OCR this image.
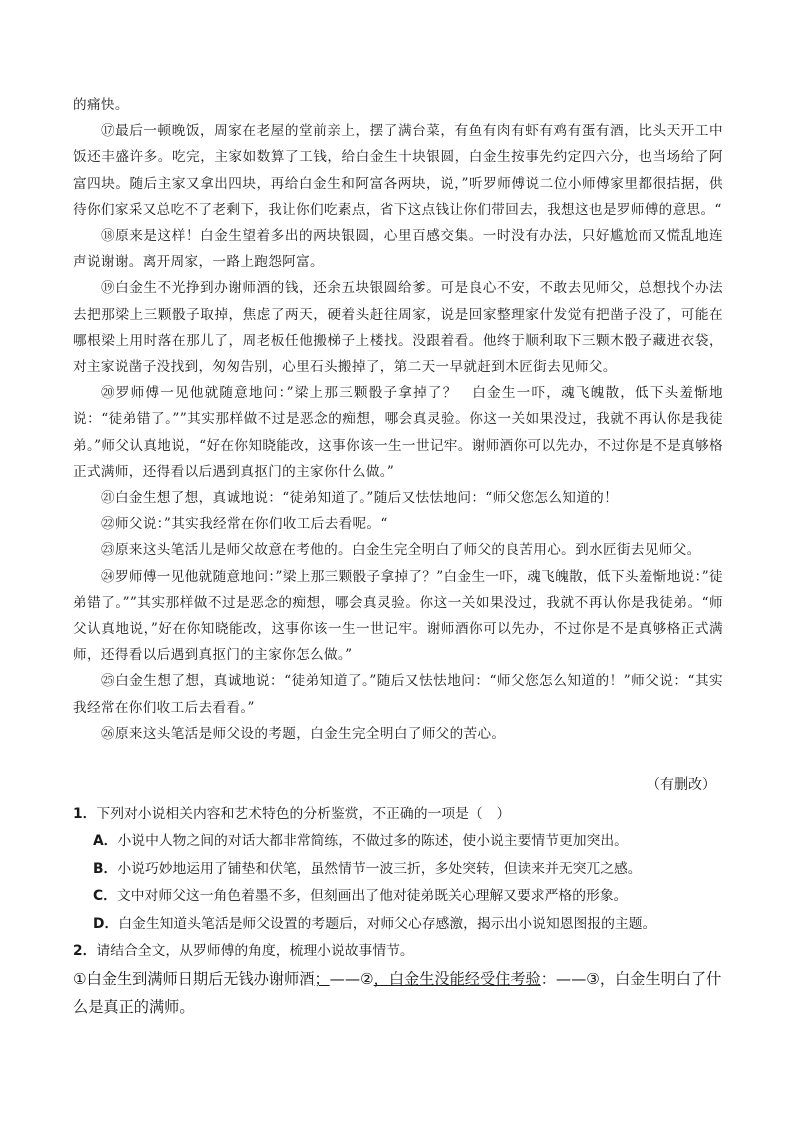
的痛快。

⑰最后一顿晚饭，周家在老屋的堂前亲上，摆了满台菜，有鱼有肉有虾有鸡有蛋有酒，比头天开工中饭还丰盛许多。吃完，主家如数算了工钱，给白金生十块银圆，白金生按事先约定四六分，也当场给了阿富四块。随后主家又拿出四块，再给白金生和阿富各两块，说，”听罗师傅说二位小师傅家里都很拮据，供待你们家采又总吃不了老剩下，我让你们吃素点，省下这点钱让你们带回去，我想这也是罗师傅的意思。“

⑱原来是这样！白金生望着多出的两块银圆，心里百感交集。一时没有办法，只好尴尬而又慌乱地连声说谢谢。离开周家，一路上跑怨阿富。

⑲白金生不光挣到办谢师酒的钱，还余五块银圆给爹。可是良心不安，不敢去见师父，总想找个办法去把那梁上三颗骰子取掉，焦虑了两天，硬着头赶往周家，说是回家整理家什发觉有把凿子没了，可能在哪根梁上用时落在那儿了，周老板任他搬梯子上楼找。没跟着看。他终于顺利取下三颗木骰子藏进衣袋，对主家说凿子没找到，匆匆告别，心里石头搬掉了，第二天一早就赶到木匠街去见师父。

⑳罗师傅一见他就随意地问：”梁上那三颗骰子拿掉了？　白金生一吓，魂飞魄散，低下头羞惭地说：“徒弟错了。””其实那样做不过是恶念的痴想，哪会真灵验。你这一关如果没过，我就不再认你是我徒弟。”师父认真地说，“好在你知晓能改，这事你该一生一世记牢。谢师酒你可以先办，不过你是不是真够格正式满师，还得看以后遇到真抠门的主家你什么做。”

㉑白金生想了想，真诚地说：“徒弟知道了。”随后又怯怯地问：“师父您怎么知道的！

㉒师父说：”其实我经常在你们收工后去看呢。“

㉓原来这头笔活儿是师父故意在考他的。白金生完全明白了师父的良苦用心。到水匠街去见师父。

㉔罗师傅一见他就随意地问：”梁上那三颗骰子拿掉了？”白金生一吓，魂飞魄散，低下头羞惭地说：”徒弟错了。””其实那样做不过是恶念的痴想，哪会真灵验。你这一关如果没过，我就不再认你是我徒弟。“师父认真地说，”好在你知晓能改，这事你该一生一世记牢。谢师酒你可以先办，不过你是不是真够格正式满师，还得看以后遇到真抠门的主家你怎么做。”

㉕白金生想了想，真诚地说：“徒弟知道了。”随后又怯怯地问：“师父您怎么知道的！”师父说：“其实我经常在你们收工后去看看。”

㉖原来这头笔活是师父设的考题，白金生完全明白了师父的苦心。

（有删改）

1．下列对小说相关内容和艺术特色的分析鉴赏，不正确的一项是（　）

A．小说中人物之间的对话大都非常简练，不做过多的陈述，使小说主要情节更加突出。

B．小说巧妙地运用了铺垫和伏笔，虽然情节一波三折，多处突转，但读来并无突兀之感。

C．文中对师父这一角色着墨不多，但刻画出了他对徒弟既关心理解又要求严格的形象。

D．白金生知道头笔活是师父设置的考题后，对师父心存感激，揭示出小说知恩图报的主题。

2．请结合全文，从罗师傅的角度，梳理小说故事情节。

①白金生到满师日期后无钱办谢师酒；——②，白金生没能经受住考验：——③，白金生明白了什么是真正的满师。
